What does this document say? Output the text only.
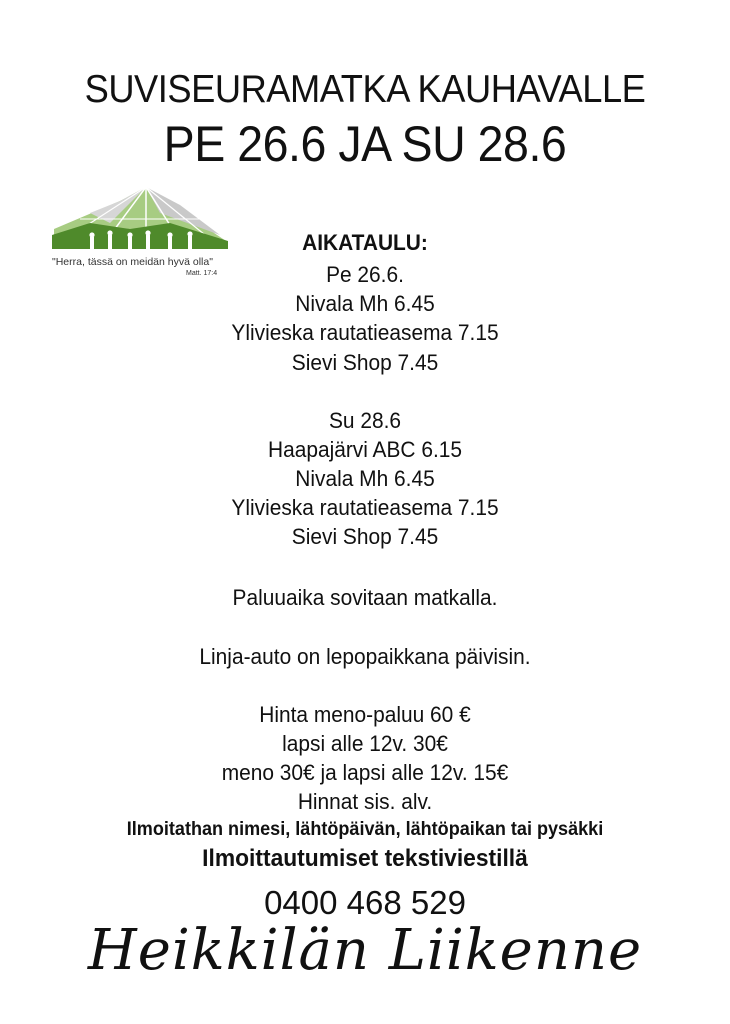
SUVISEURAMATKA KAUHAVALLE
PE 26.6 JA SU 28.6
"Herra, tässä on meidän hyvä olla"
Matt. 17:4
AIKATAULU:
Pe 26.6.
Nivala Mh 6.45
Ylivieska rautatieasema 7.15
Sievi Shop 7.45
Su 28.6
Haapajärvi ABC 6.15
Nivala Mh 6.45
Ylivieska rautatieasema 7.15
Sievi Shop 7.45
Paluuaika sovitaan matkalla.
Linja-auto on lepopaikkana päivisin.
Hinta meno-paluu 60 €
lapsi alle 12v. 30€
meno 30€ ja lapsi alle 12v. 15€
Hinnat sis. alv.
Ilmoitathan nimesi, lähtöpäivän, lähtöpaikan tai pysäkki
Ilmoittautumiset tekstiviestillä
0400 468 529
Heikkilän Liikenne
